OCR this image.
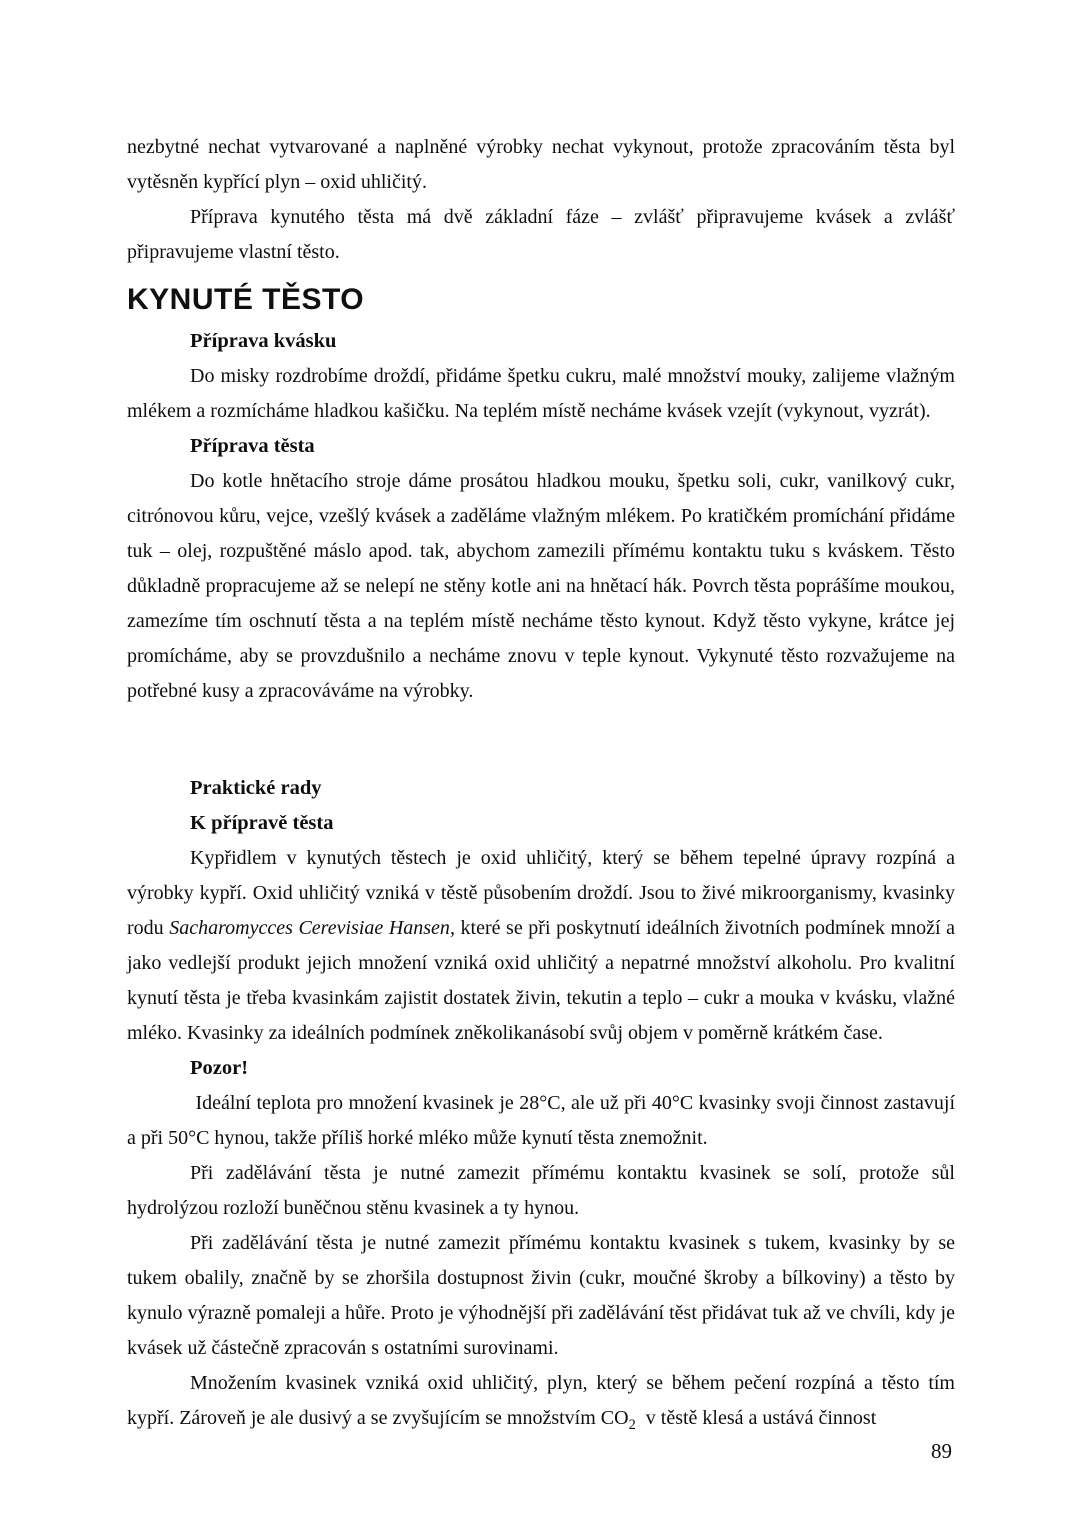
nezbytné nechat vytvarované a naplněné výrobky nechat vykynout, protože zpracováním těsta byl vytěsněn kypřící plyn – oxid uhličitý.

Příprava kynutého těsta má dvě základní fáze – zvlášť připravujeme kvásek a zvlášť připravujeme vlastní těsto.

KYNUTÉ TĚSTO
Příprava kvásku

Do misky rozdrobíme droždí, přidáme špetku cukru, malé množství mouky, zalijeme vlažným mlékem a rozmícháme hladkou kašičku. Na teplém místě necháme kvásek vzejít (vykynout, vyzrát).

Příprava těsta

Do kotle hnětacího stroje dáme prosátou hladkou mouku, špetku soli, cukr, vanilkový cukr, citrónovou kůru, vejce, vzešlý kvásek a zaděláme vlažným mlékem. Po kratičkém promíchání přidáme tuk – olej, rozpuštěné máslo apod. tak, abychom zamezili přímému kontaktu tuku s kváskem. Těsto důkladně propracujeme až se nelepí ne stěny kotle ani na hnětací hák. Povrch těsta poprášíme moukou, zamezíme tím oschnutí těsta a na teplém místě necháme těsto kynout. Když těsto vykyne, krátce jej promícháme, aby se provzdušnilo a necháme znovu v teple kynout. Vykynuté těsto rozvažujeme na potřebné kusy a zpracováváme na výrobky.

Praktické rady
K přípravě těsta

Kypřidlem v kynutých těstech je oxid uhličitý, který se během tepelné úpravy rozpíná a výrobky kypří. Oxid uhličitý vzniká v těstě působením droždí. Jsou to živé mikroorganismy, kvasinky rodu Sacharomycces Cerevisiae Hansen, které se při poskytnutí ideálních životních podmínek množí a jako vedlejší produkt jejich množení vzniká oxid uhličitý a nepatrné množství alkoholu. Pro kvalitní kynutí těsta je třeba kvasinkám zajistit dostatek živin, tekutin a teplo – cukr a mouka v kvásku, vlažné mléko. Kvasinky za ideálních podmínek zněkolikanásobí svůj objem v poměrně krátkém čase.

Pozor!

Ideální teplota pro množení kvasinek je 28°C, ale už při 40°C kvasinky svoji činnost zastavují a při 50°C hynou, takže příliš horké mléko může kynutí těsta znemožnit.

Při zadělávání těsta je nutné zamezit přímému kontaktu kvasinek se solí, protože sůl hydrolýzou rozloží buněčnou stěnu kvasinek a ty hynou.

Při zadělávání těsta je nutné zamezit přímému kontaktu kvasinek s tukem, kvasinky by se tukem obalily, značně by se zhoršila dostupnost živin (cukr, moučné škroby a bílkoviny) a těsto by kynulo výrazně pomaleji a hůře. Proto je výhodnější při zadělávání těst přidávat tuk až ve chvíli, kdy je kvásek už částečně zpracován s ostatními surovinami.

Množením kvasinek vzniká oxid uhličitý, plyn, který se během pečení rozpíná a těsto tím kypří. Zároveň je ale dusivý a se zvyšujícím se množstvím $CO_2$  v těstě klesá a ustává činnost

89
